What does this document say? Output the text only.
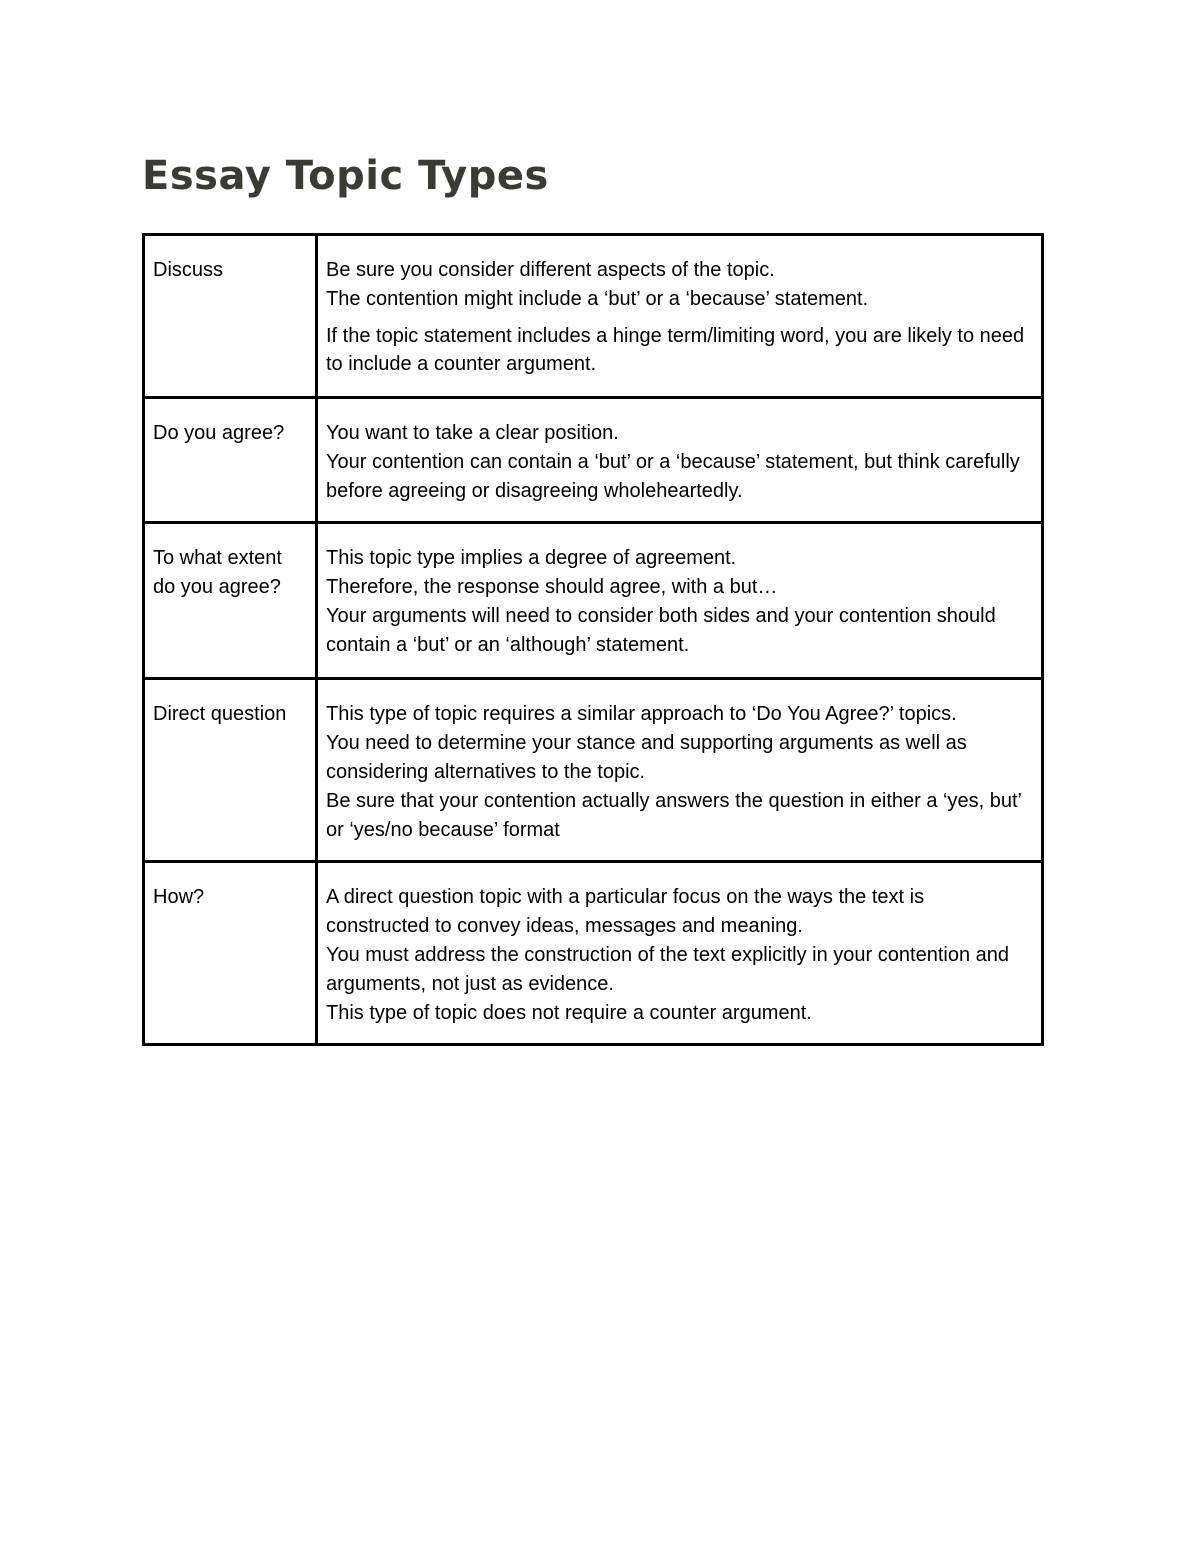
Essay Topic Types
Discuss	Be sure you consider different aspects of the topic.

The contention might include a ‘but’ or a ‘because’ statement.

If the topic statement includes a hinge term/limiting word, you are likely to need to include a counter argument.

Do you agree?	You want to take a clear position.

Your contention can contain a ‘but’ or a ‘because’ statement, but think carefully before agreeing or disagreeing wholeheartedly.

To what extent do you agree?	This topic type implies a degree of agreement.

Therefore, the response should agree, with a but…

Your arguments will need to consider both sides and your contention should contain a ‘but’ or an ‘although’ statement.

Direct question	This type of topic requires a similar approach to ‘Do You Agree?’ topics.

You need to determine your stance and supporting arguments as well as considering alternatives to the topic.

Be sure that your contention actually answers the question in either a ‘yes, but’ or ‘yes/no because’ format

How?	A direct question topic with a particular focus on the ways the text is constructed to convey ideas, messages and meaning.

You must address the construction of the text explicitly in your contention and arguments, not just as evidence.

This type of topic does not require a counter argument.
